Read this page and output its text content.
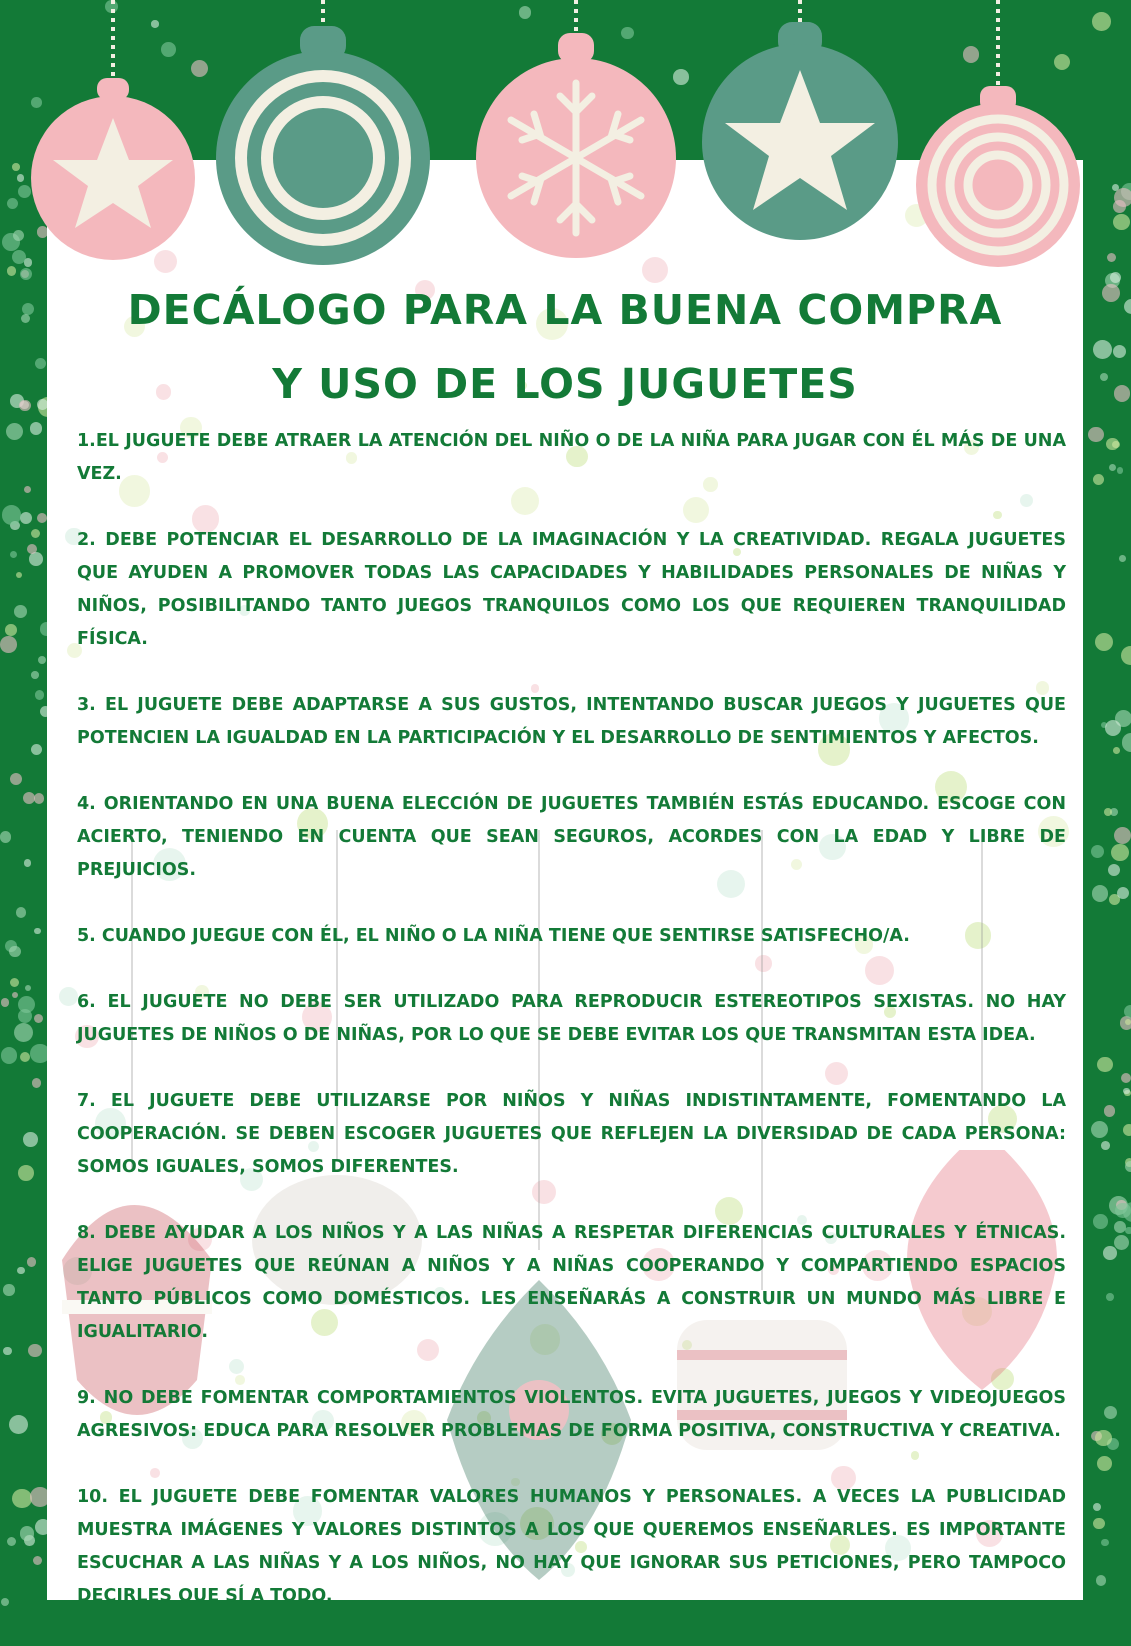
DECÁLOGO PARA LA BUENA COMPRA
Y USO DE LOS JUGUETES

1.EL JUGUETE DEBE ATRAER LA ATENCIÓN DEL NIÑO O DE LA NIÑA PARA JUGAR CON ÉL MÁS DE UNA VEZ.

2. DEBE POTENCIAR EL DESARROLLO DE LA IMAGINACIÓN Y LA CREATIVIDAD. REGALA JUGUETES QUE AYUDEN A PROMOVER TODAS LAS CAPACIDADES Y HABILIDADES PERSONALES DE NIÑAS Y NIÑOS, POSIBILITANDO TANTO JUEGOS TRANQUILOS COMO LOS QUE REQUIEREN TRANQUILIDAD FÍSICA.

3. EL JUGUETE DEBE ADAPTARSE A SUS GUSTOS, INTENTANDO BUSCAR JUEGOS Y JUGUETES QUE POTENCIEN LA IGUALDAD EN LA PARTICIPACIÓN Y EL DESARROLLO DE SENTIMIENTOS Y AFECTOS.

4. ORIENTANDO EN UNA BUENA ELECCIÓN DE JUGUETES TAMBIÉN ESTÁS EDUCANDO. ESCOGE CON ACIERTO, TENIENDO EN CUENTA QUE SEAN SEGUROS, ACORDES CON LA EDAD Y LIBRE DE PREJUICIOS.

5. CUANDO JUEGUE CON ÉL, EL NIÑO O LA NIÑA TIENE QUE SENTIRSE SATISFECHO/A.

6. EL JUGUETE NO DEBE SER UTILIZADO PARA REPRODUCIR ESTEREOTIPOS SEXISTAS. NO HAY JUGUETES DE NIÑOS O DE NIÑAS, POR LO QUE SE DEBE EVITAR LOS QUE TRANSMITAN ESTA IDEA.

7. EL JUGUETE DEBE UTILIZARSE POR NIÑOS Y NIÑAS INDISTINTAMENTE, FOMENTANDO LA COOPERACIÓN. SE DEBEN ESCOGER JUGUETES QUE REFLEJEN LA DIVERSIDAD DE CADA PERSONA: SOMOS IGUALES, SOMOS DIFERENTES.

8. DEBE AYUDAR A LOS NIÑOS Y A LAS NIÑAS A RESPETAR DIFERENCIAS CULTURALES Y ÉTNICAS. ELIGE JUGUETES QUE REÚNAN A NIÑOS Y A NIÑAS COOPERANDO Y COMPARTIENDO ESPACIOS TANTO PÚBLICOS COMO DOMÉSTICOS. LES ENSEÑARÁS A CONSTRUIR UN MUNDO MÁS LIBRE E IGUALITARIO.

9. NO DEBE FOMENTAR COMPORTAMIENTOS VIOLENTOS. EVITA JUGUETES, JUEGOS Y VIDEOJUEGOS AGRESIVOS: EDUCA PARA RESOLVER PROBLEMAS DE FORMA POSITIVA, CONSTRUCTIVA Y CREATIVA.

10. EL JUGUETE DEBE FOMENTAR VALORES HUMANOS Y PERSONALES. A VECES LA PUBLICIDAD MUESTRA IMÁGENES Y VALORES DISTINTOS A LOS QUE QUEREMOS ENSEÑARLES. ES IMPORTANTE ESCUCHAR A LAS NIÑAS Y A LOS NIÑOS, NO HAY QUE IGNORAR SUS PETICIONES, PERO TAMPOCO DECIRLES QUE SÍ A TODO.
